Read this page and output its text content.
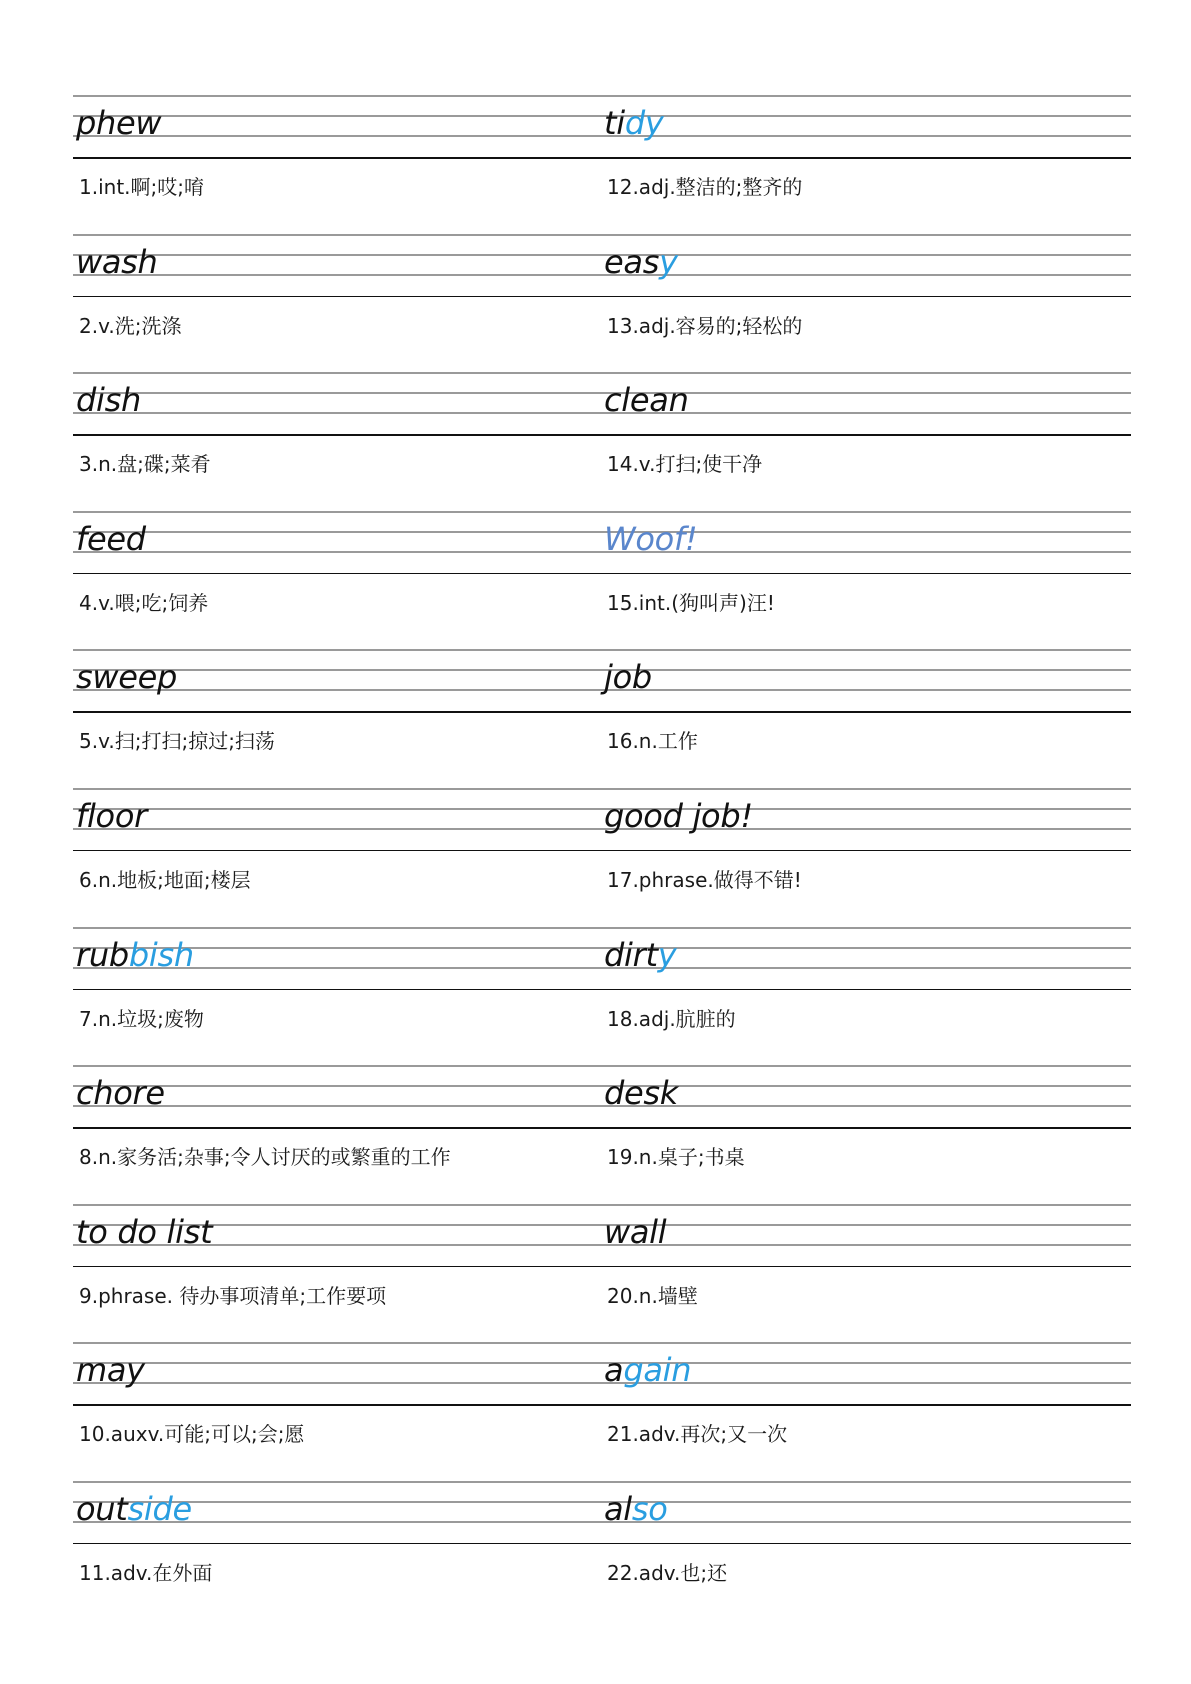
phew	tidy
1.int.啊;哎;唷	12.adj.整洁的;整齐的
wash	easy
2.v.洗;洗涤	13.adj.容易的;轻松的
dish	clean
3.n.盘;碟;菜肴	14.v.打扫;使干净
feed	Woof!
4.v.喂;吃;饲养	15.int.(狗叫声)汪!
sweep	job
5.v.扫;打扫;掠过;扫荡	16.n.工作
floor	good job!
6.n.地板;地面;楼层	17.phrase.做得不错!
rubbish	dirty
7.n.垃圾;废物	18.adj.肮脏的
chore	desk
8.n.家务活;杂事;令人讨厌的或繁重的工作	19.n.桌子;书桌
to do list	wall
9.phrase. 待办事项清单;工作要项	20.n.墙壁
may	again
10.auxv.可能;可以;会;愿	21.adv.再次;又一次
outside	also
11.adv.在外面	22.adv.也;还
